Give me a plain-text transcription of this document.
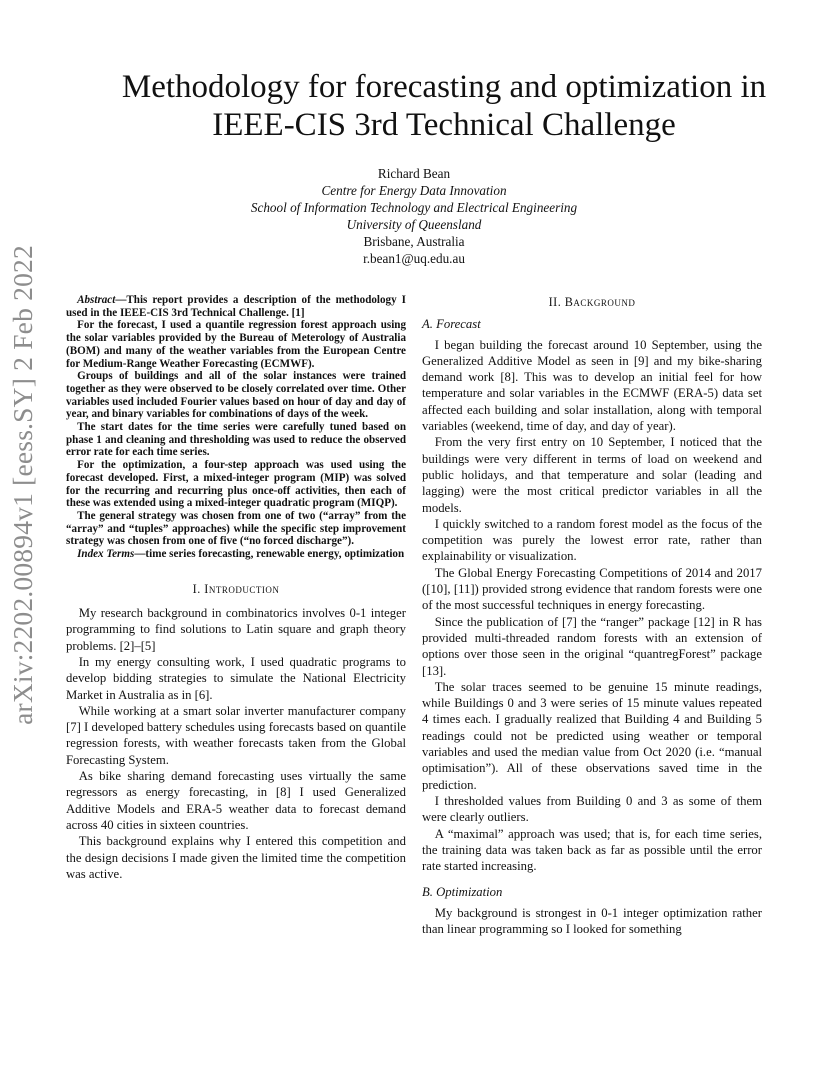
arXiv:2202.00894v1 [eess.SY] 2 Feb 2022
Methodology for forecasting and optimization in
IEEE-CIS 3rd Technical Challenge
Richard Bean
Centre for Energy Data Innovation
School of Information Technology and Electrical Engineering
University of Queensland
Brisbane, Australia
r.bean1@uq.edu.au

Abstract—This report provides a description of the methodology I used in the IEEE-CIS 3rd Technical Challenge. [1]

For the forecast, I used a quantile regression forest approach using the solar variables provided by the Bureau of Meterology of Australia (BOM) and many of the weather variables from the European Centre for Medium-Range Weather Forecasting (ECMWF).

Groups of buildings and all of the solar instances were trained together as they were observed to be closely correlated over time. Other variables used included Fourier values based on hour of day and day of year, and binary variables for combinations of days of the week.

The start dates for the time series were carefully tuned based on phase 1 and cleaning and thresholding was used to reduce the observed error rate for each time series.

For the optimization, a four-step approach was used using the forecast developed. First, a mixed-integer program (MIP) was solved for the recurring and recurring plus once-off activities, then each of these was extended using a mixed-integer quadratic program (MIQP).

The general strategy was chosen from one of two (“array” from the “array” and “tuples” approaches) while the specific step improvement strategy was chosen from one of five (“no forced discharge”).

Index Terms—time series forecasting, renewable energy, optimization

I. Introduction

My research background in combinatorics involves 0-1 integer programming to find solutions to Latin square and graph theory problems. [2]–[5]

In my energy consulting work, I used quadratic programs to develop bidding strategies to simulate the National Electricity Market in Australia as in [6].

While working at a smart solar inverter manufacturer company [7] I developed battery schedules using forecasts based on quantile regression forests, with weather forecasts taken from the Global Forecasting System.

As bike sharing demand forecasting uses virtually the same regressors as energy forecasting, in [8] I used Generalized Additive Models and ERA-5 weather data to forecast demand across 40 cities in sixteen countries.

This background explains why I entered this competition and the design decisions I made given the limited time the competition was active.

II. Background
A. Forecast

I began building the forecast around 10 September, using the Generalized Additive Model as seen in [9] and my bike-sharing demand work [8]. This was to develop an initial feel for how temperature and solar variables in the ECMWF (ERA-5) data set affected each building and solar installation, along with temporal variables (weekend, time of day, and day of year).

From the very first entry on 10 September, I noticed that the buildings were very different in terms of load on weekend and public holidays, and that temperature and solar (leading and lagging) were the most critical predictor variables in all the models.

I quickly switched to a random forest model as the focus of the competition was purely the lowest error rate, rather than explainability or visualization.

The Global Energy Forecasting Competitions of 2014 and 2017 ([10], [11]) provided strong evidence that random forests were one of the most successful techniques in energy forecasting.

Since the publication of [7] the “ranger” package [12] in R has provided multi-threaded random forests with an extension of options over those seen in the original “quantregForest” package [13].

The solar traces seemed to be genuine 15 minute readings, while Buildings 0 and 3 were series of 15 minute values repeated 4 times each. I gradually realized that Building 4 and Building 5 readings could not be predicted using weather or temporal variables and used the median value from Oct 2020 (i.e. “manual optimisation”). All of these observations saved time in the prediction.

I thresholded values from Building 0 and 3 as some of them were clearly outliers.

A “maximal” approach was used; that is, for each time series, the training data was taken back as far as possible until the error rate started increasing.

B. Optimization

My background is strongest in 0-1 integer optimization rather than linear programming so I looked for something
